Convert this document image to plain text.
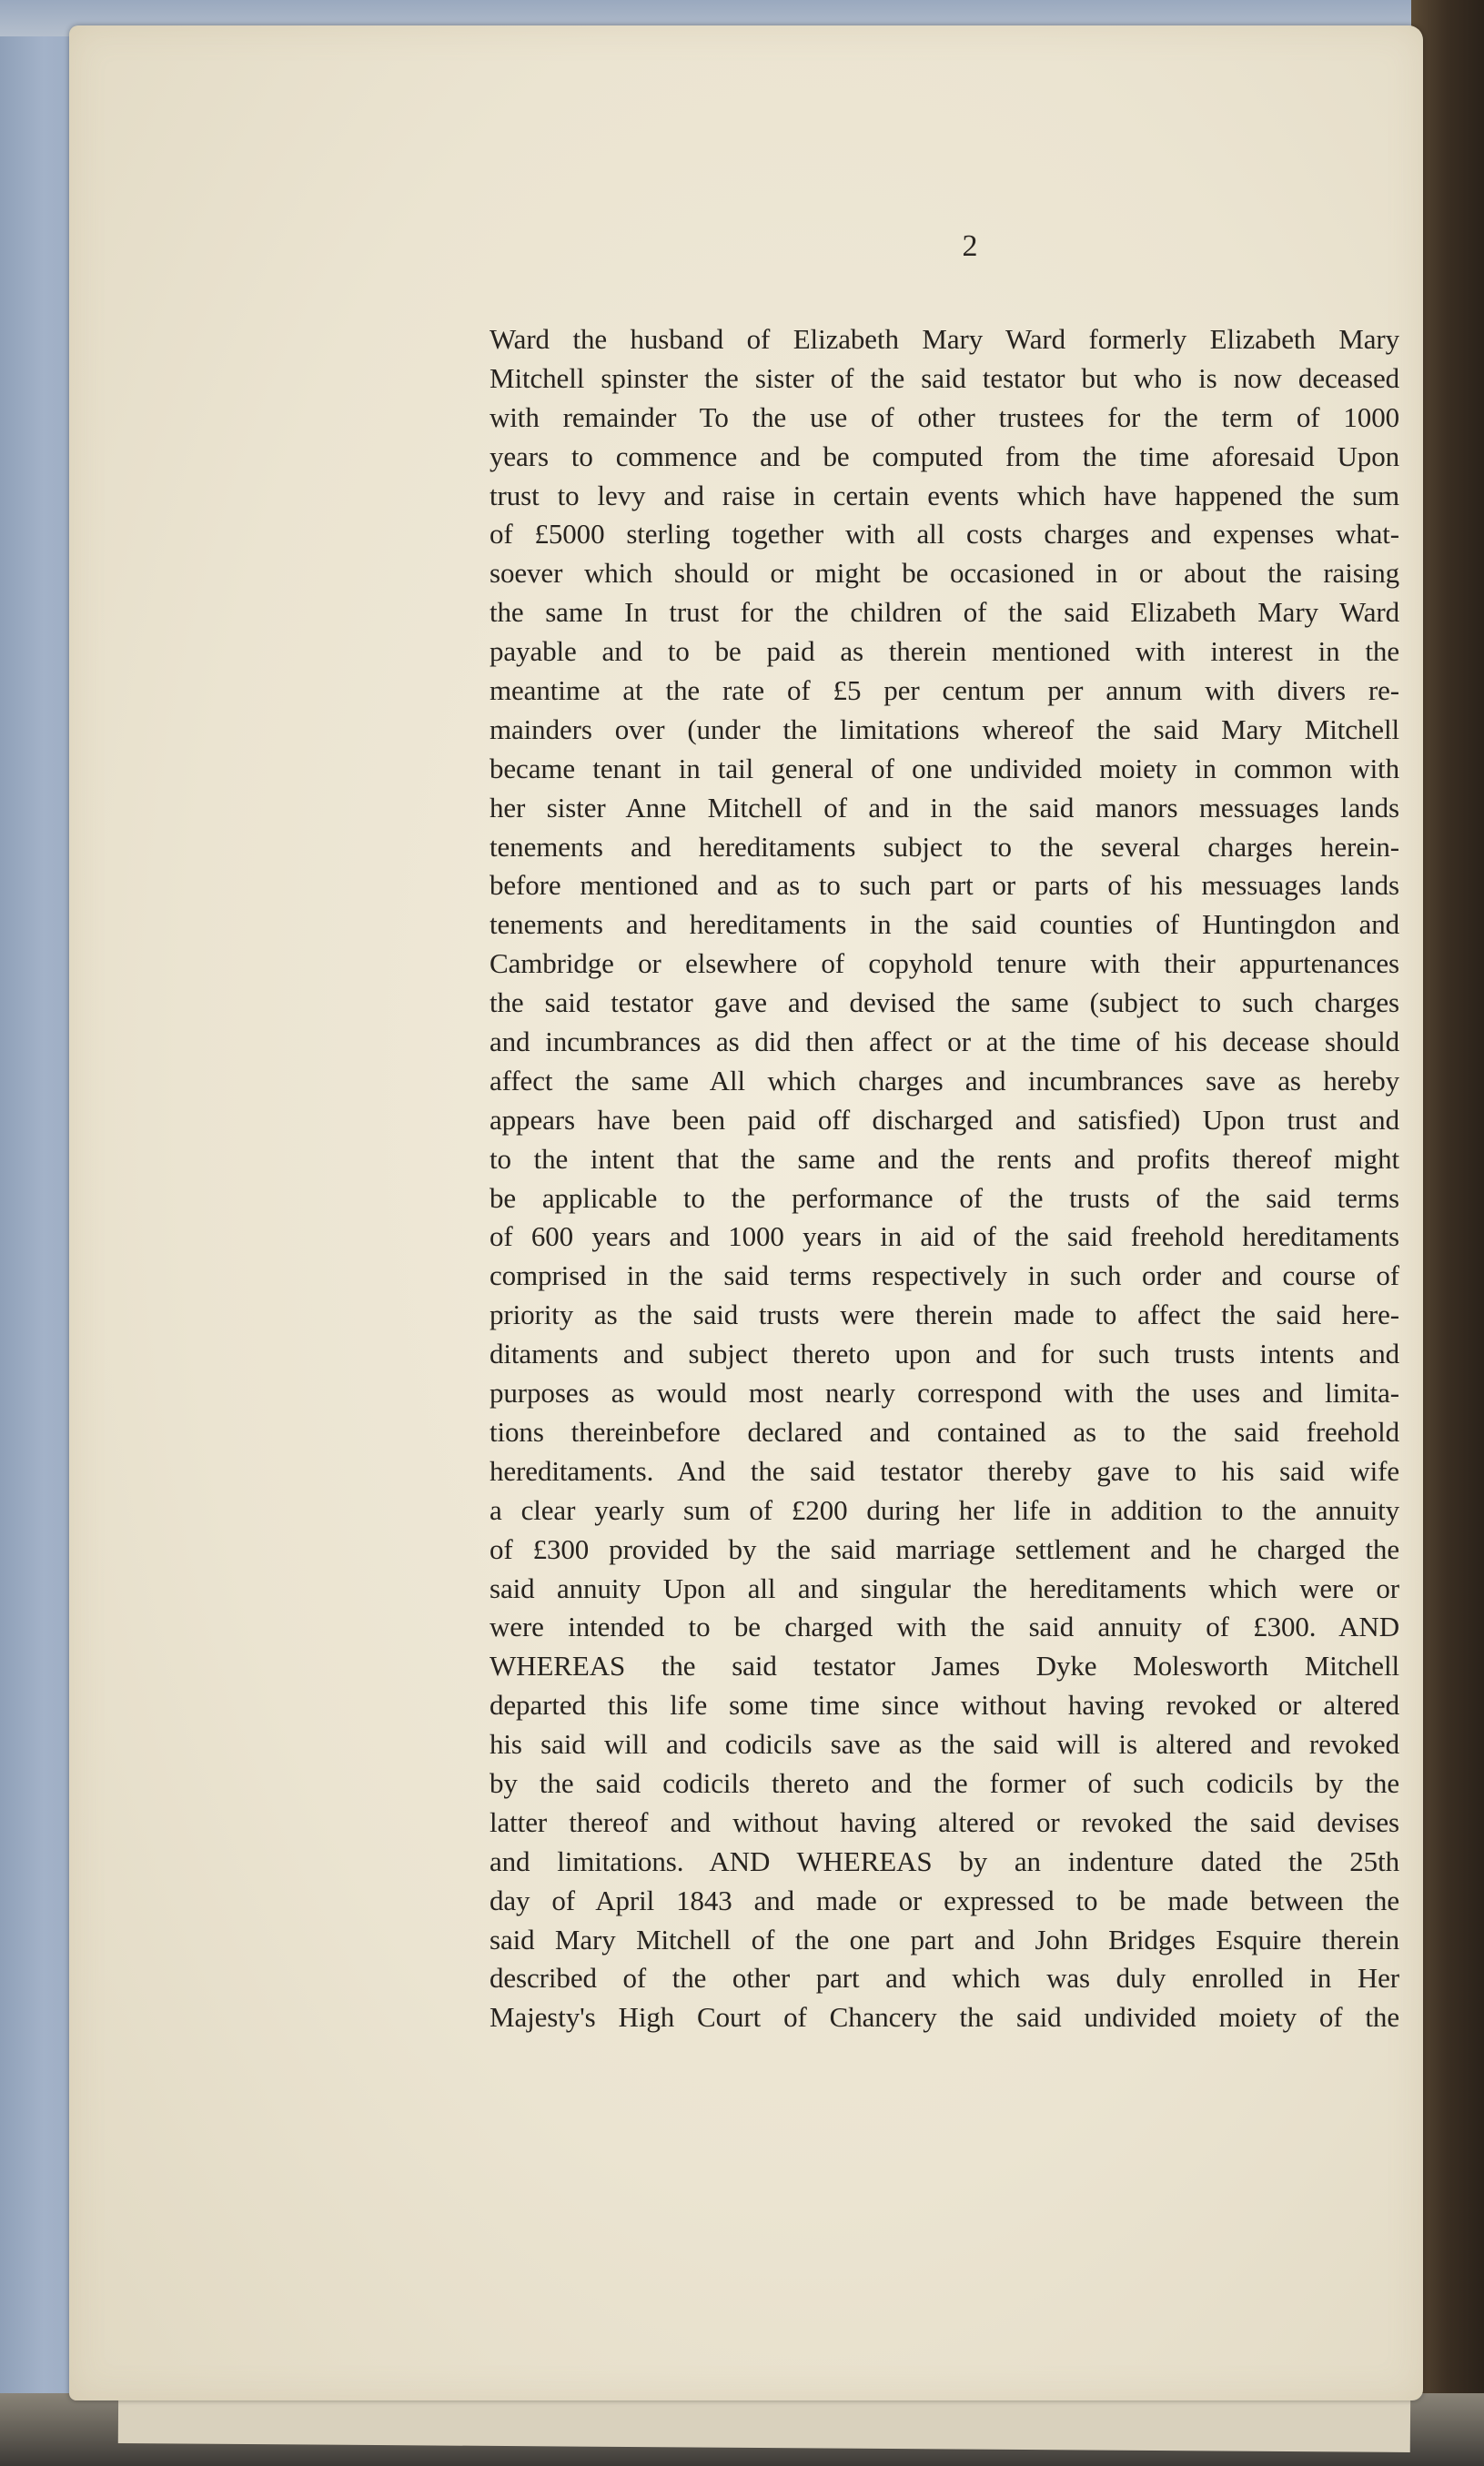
2
Ward the husband of Elizabeth Mary Ward formerly Elizabeth Mary
Mitchell spinster the sister of the said testator but who is now deceased
with remainder To the use of other trustees for the term of 1000
years to commence and be computed from the time aforesaid Upon
trust to levy and raise in certain events which have happened the sum
of £5000 sterling together with all costs charges and expenses what-
soever which should or might be occasioned in or about the raising
the same In trust for the children of the said Elizabeth Mary Ward
payable and to be paid as therein mentioned with interest in the
meantime at the rate of £5 per centum per annum with divers re-
mainders over (under the limitations whereof the said Mary Mitchell
became tenant in tail general of one undivided moiety in common with
her sister Anne Mitchell of and in the said manors messuages lands
tenements and hereditaments subject to the several charges herein-
before mentioned and as to such part or parts of his messuages lands
tenements and hereditaments in the said counties of Huntingdon and
Cambridge or elsewhere of copyhold tenure with their appurtenances
the said testator gave and devised the same (subject to such charges
and incumbrances as did then affect or at the time of his decease should
affect the same All which charges and incumbrances save as hereby
appears have been paid off discharged and satisfied) Upon trust and
to the intent that the same and the rents and profits thereof might
be applicable to the performance of the trusts of the said terms
of 600 years and 1000 years in aid of the said freehold hereditaments
comprised in the said terms respectively in such order and course of
priority as the said trusts were therein made to affect the said here-
ditaments and subject thereto upon and for such trusts intents and
purposes as would most nearly correspond with the uses and limita-
tions thereinbefore declared and contained as to the said freehold
hereditaments. And the said testator thereby gave to his said wife
a clear yearly sum of £200 during her life in addition to the annuity
of £300 provided by the said marriage settlement and he charged the
said annuity Upon all and singular the hereditaments which were or
were intended to be charged with the said annuity of £300. AND
WHEREAS the said testator James Dyke Molesworth Mitchell
departed this life some time since without having revoked or altered
his said will and codicils save as the said will is altered and revoked
by the said codicils thereto and the former of such codicils by the
latter thereof and without having altered or revoked the said devises
and limitations. AND WHEREAS by an indenture dated the 25th
day of April 1843 and made or expressed to be made between the
said Mary Mitchell of the one part and John Bridges Esquire therein
described of the other part and which was duly enrolled in Her
Majesty's High Court of Chancery the said undivided moiety of the
